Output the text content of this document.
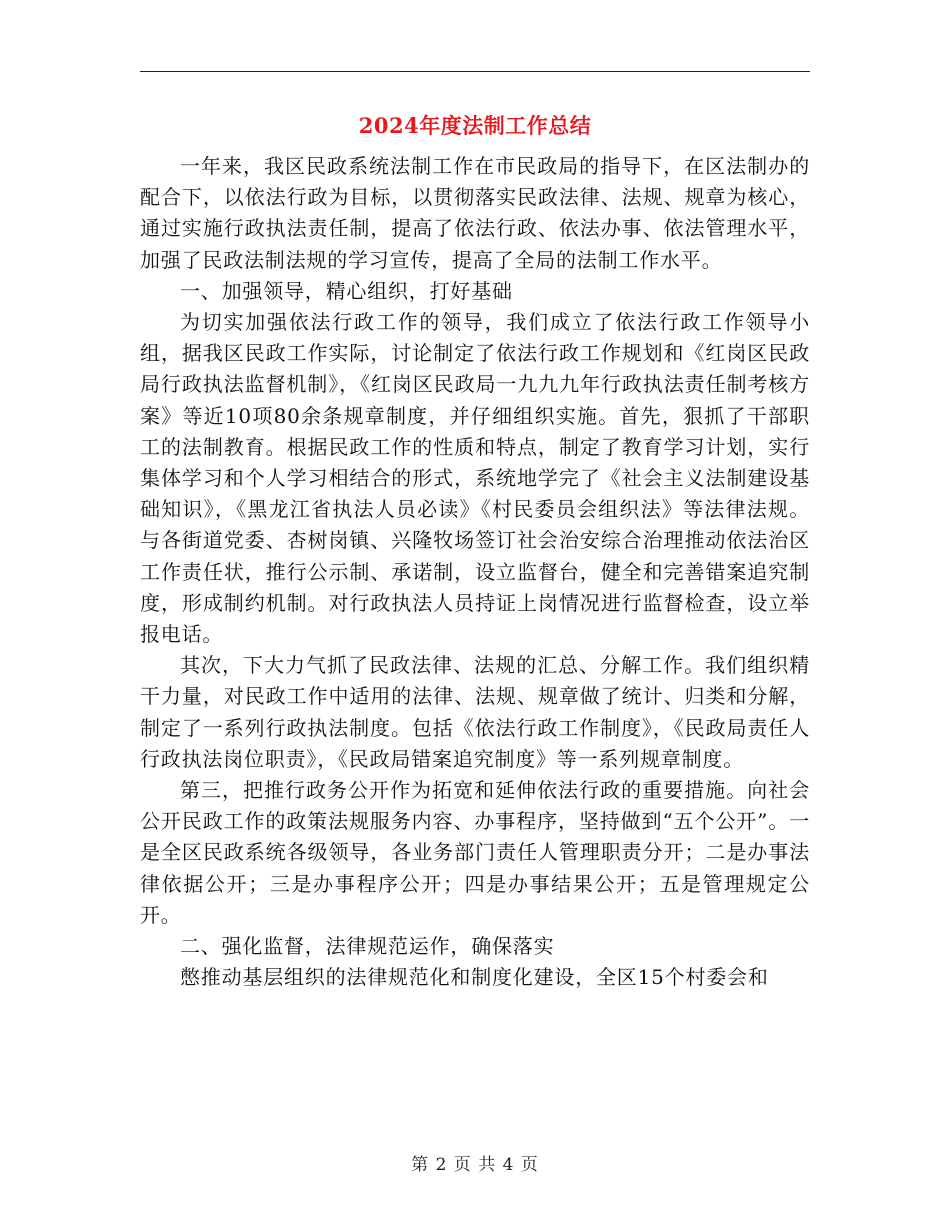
2024年度法制工作总结

一年来，我区民政系统法制工作在市民政局的指导下，在区法制办的配合下，以依法行政为目标，以贯彻落实民政法律、法规、规章为核心，通过实施行政执法责任制，提高了依法行政、依法办事、依法管理水平，加强了民政法制法规的学习宣传，提高了全局的法制工作水平。

一、加强领导，精心组织，打好基础

为切实加强依法行政工作的领导，我们成立了依法行政工作领导小组，据我区民政工作实际，讨论制定了依法行政工作规划和《红岗区民政局行政执法监督机制》，《红岗区民政局一九九九年行政执法责任制考核方案》等近10项80余条规章制度，并仔细组织实施。首先，狠抓了干部职工的法制教育。根据民政工作的性质和特点，制定了教育学习计划，实行集体学习和个人学习相结合的形式，系统地学完了《社会主义法制建设基础知识》，《黑龙江省执法人员必读》《村民委员会组织法》等法律法规。与各街道党委、杏树岗镇、兴隆牧场签订社会治安综合治理推动依法治区工作责任状，推行公示制、承诺制，设立监督台，健全和完善错案追究制度，形成制约机制。对行政执法人员持证上岗情况进行监督检查，设立举报电话。

其次，下大力气抓了民政法律、法规的汇总、分解工作。我们组织精干力量，对民政工作中适用的法律、法规、规章做了统计、归类和分解，制定了一系列行政执法制度。包括《依法行政工作制度》，《民政局责任人行政执法岗位职责》，《民政局错案追究制度》等一系列规章制度。

第三，把推行政务公开作为拓宽和延伸依法行政的重要措施。向社会公开民政工作的政策法规服务内容、办事程序，坚持做到“五个公开”。一是全区民政系统各级领导，各业务部门责任人管理职责分开；二是办事法律依据公开；三是办事程序公开；四是办事结果公开；五是管理规定公开。

二、强化监督，法律规范运作，确保落实

憋推动基层组织的法律规范化和制度化建设，全区15个村委会和

第 2 页 共 4 页
